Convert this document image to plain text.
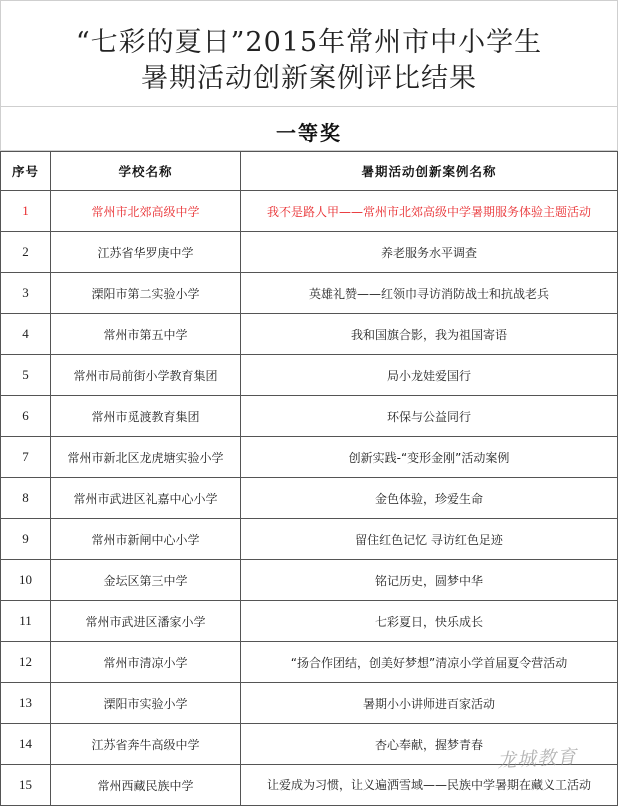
“七彩的夏日”2015年常州市中小学生
暑期活动创新案例评比结果
一等奖
序号	学校名称	暑期活动创新案例名称
1	常州市北郊高级中学	我不是路人甲——常州市北郊高级中学暑期服务体验主题活动
2	江苏省华罗庚中学	养老服务水平调查
3	溧阳市第二实验小学	英雄礼赞——红领巾寻访消防战士和抗战老兵
4	常州市第五中学	我和国旗合影，我为祖国寄语
5	常州市局前街小学教育集团	局小龙娃爱国行
6	常州市觅渡教育集团	环保与公益同行
7	常州市新北区龙虎塘实验小学	创新实践-“变形金刚”活动案例
8	常州市武进区礼嘉中心小学	金色体验，珍爱生命
9	常州市新闸中心小学	留住红色记忆 寻访红色足迹
10	金坛区第三中学	铭记历史，圆梦中华
11	常州市武进区潘家小学	七彩夏日，快乐成长
12	常州市清凉小学	“扬合作团结，创美好梦想”清凉小学首届夏令营活动
13	溧阳市实验小学	暑期小小讲师进百家活动
14	江苏省奔牛高级中学	杏心奉献，握梦青春
15	常州西藏民族中学	让爱成为习惯，让义遍洒雪域——民族中学暑期在藏义工活动
龙城教育
